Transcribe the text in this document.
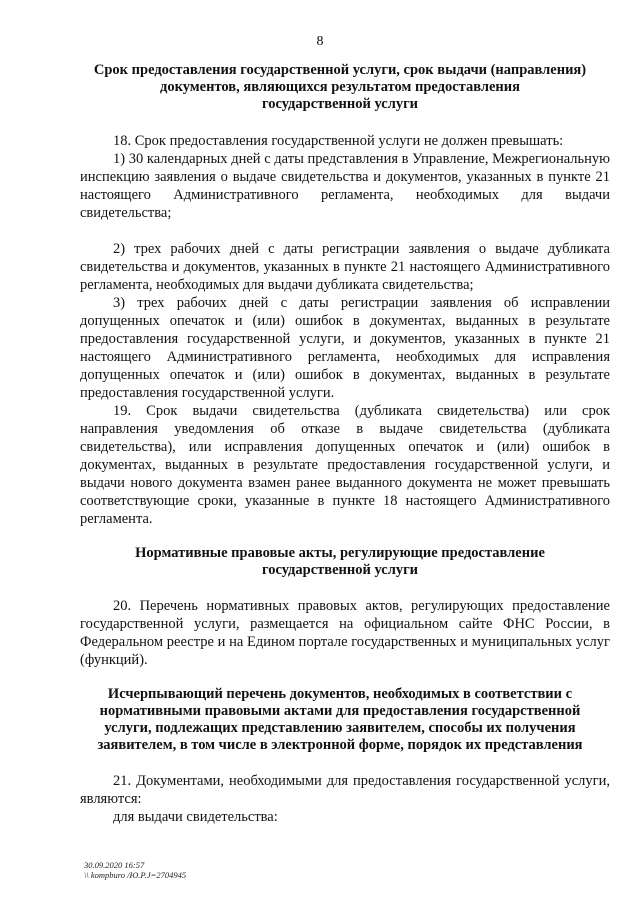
8
Срок предоставления государственной услуги, срок выдачи (направления)
документов, являющихся результатом предоставления
государственной услуги

18. Срок предоставления государственной услуги не должен превышать:

1) 30 календарных дней с даты представления в Управление, Межрегиональную инспекцию заявления о выдаче свидетельства и документов, указанных в пункте 21 настоящего Административного регламента, необходимых для выдачи свидетельства;

2) трех рабочих дней с даты регистрации заявления о выдаче дубликата свидетельства и документов, указанных в пункте 21 настоящего Административного регламента, необходимых для выдачи дубликата свидетельства;

3) трех рабочих дней с даты регистрации заявления об исправлении допущенных опечаток и (или) ошибок в документах, выданных в результате предоставления государственной услуги, и документов, указанных в пункте 21 настоящего Административного регламента, необходимых для исправления допущенных опечаток и (или) ошибок в документах, выданных в результате предоставления государственной услуги.

19. Срок выдачи свидетельства (дубликата свидетельства) или срок направления уведомления об отказе в выдаче свидетельства (дубликата свидетельства), или исправления допущенных опечаток и (или) ошибок в документах, выданных в результате предоставления государственной услуги, и выдачи нового документа взамен ранее выданного документа не может превышать соответствующие сроки, указанные в пункте 18 настоящего Административного регламента.

Нормативные правовые акты, регулирующие предоставление
государственной услуги

20. Перечень нормативных правовых актов, регулирующих предоставление государственной услуги, размещается на официальном сайте ФНС России, в Федеральном реестре и на Едином портале государственных и муниципальных услуг (функций).

Исчерпывающий перечень документов, необходимых в соответствии с
нормативными правовыми актами для предоставления государственной
услуги, подлежащих представлению заявителем, способы их получения
заявителем, в том числе в электронной форме, порядок их представления

21. Документами, необходимыми для предоставления государственной услуги, являются:

для выдачи свидетельства:

30.09.2020 16:57
\\ kompburo /Ю.Р.Ј=2704945
